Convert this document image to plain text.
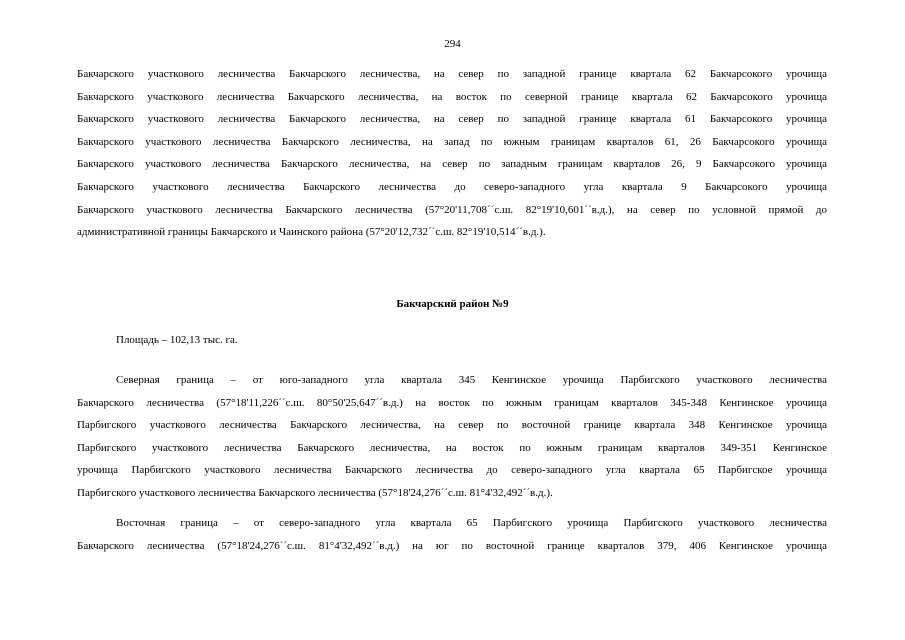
294
Бакчарского участкового лесничества Бакчарского лесничества, на север по западной границе квартала 62 Бакчарсокого урочища
Бакчарского участкового лесничества Бакчарского лесничества, на восток по северной границе квартала 62 Бакчарсокого урочища
Бакчарского участкового лесничества Бакчарского лесничества, на север по западной границе квартала 61 Бакчарсокого урочища
Бакчарского участкового лесничества Бакчарского лесничества, на запад по южным границам кварталов 61, 26 Бакчарсокого урочища
Бакчарского участкового лесничества Бакчарского лесничества, на север по западным границам кварталов 26, 9 Бакчарсокого урочища
Бакчарского участкового лесничества Бакчарского лесничества до северо-западного угла квартала 9 Бакчарсокого урочища
Бакчарского участкового лесничества Бакчарского лесничества (57°20'11,708´´с.ш. 82°19'10,601´´в.д.), на север по условной прямой до
административной границы Бакчарского и Чаинского района (57°20'12,732´´с.ш. 82°19'10,514´´в.д.).
Бакчарский район №9
Площадь – 102,13 тыс. га.
Северная граница – от юго-западного угла квартала 345 Кенгинское урочища Парбигского участкового лесничества
Бакчарского лесничества (57°18'11,226´´с.ш. 80°50'25,647´´в.д.) на восток по южным границам кварталов 345-348 Кенгинское урочища
Парбигского участкового лесничества Бакчарского лесничества, на север по восточной границе квартала 348 Кенгинское урочища
Парбигского участкового лесничества Бакчарского лесничества, на восток по южным границам кварталов 349-351 Кенгинское
урочища Парбигского участкового лесничества Бакчарского лесничества до северо-западного угла квартала 65 Парбигское урочища
Парбигского участкового лесничества Бакчарского лесничества (57°18'24,276´´с.ш. 81°4'32,492´´в.д.).
Восточная граница – от северо-западного угла квартала 65 Парбигского урочища Парбигского участкового лесничества
Бакчарского лесничества (57°18'24,276´´с.ш. 81°4'32,492´´в.д.) на юг по восточной границе кварталов 379, 406 Кенгинское урочища
